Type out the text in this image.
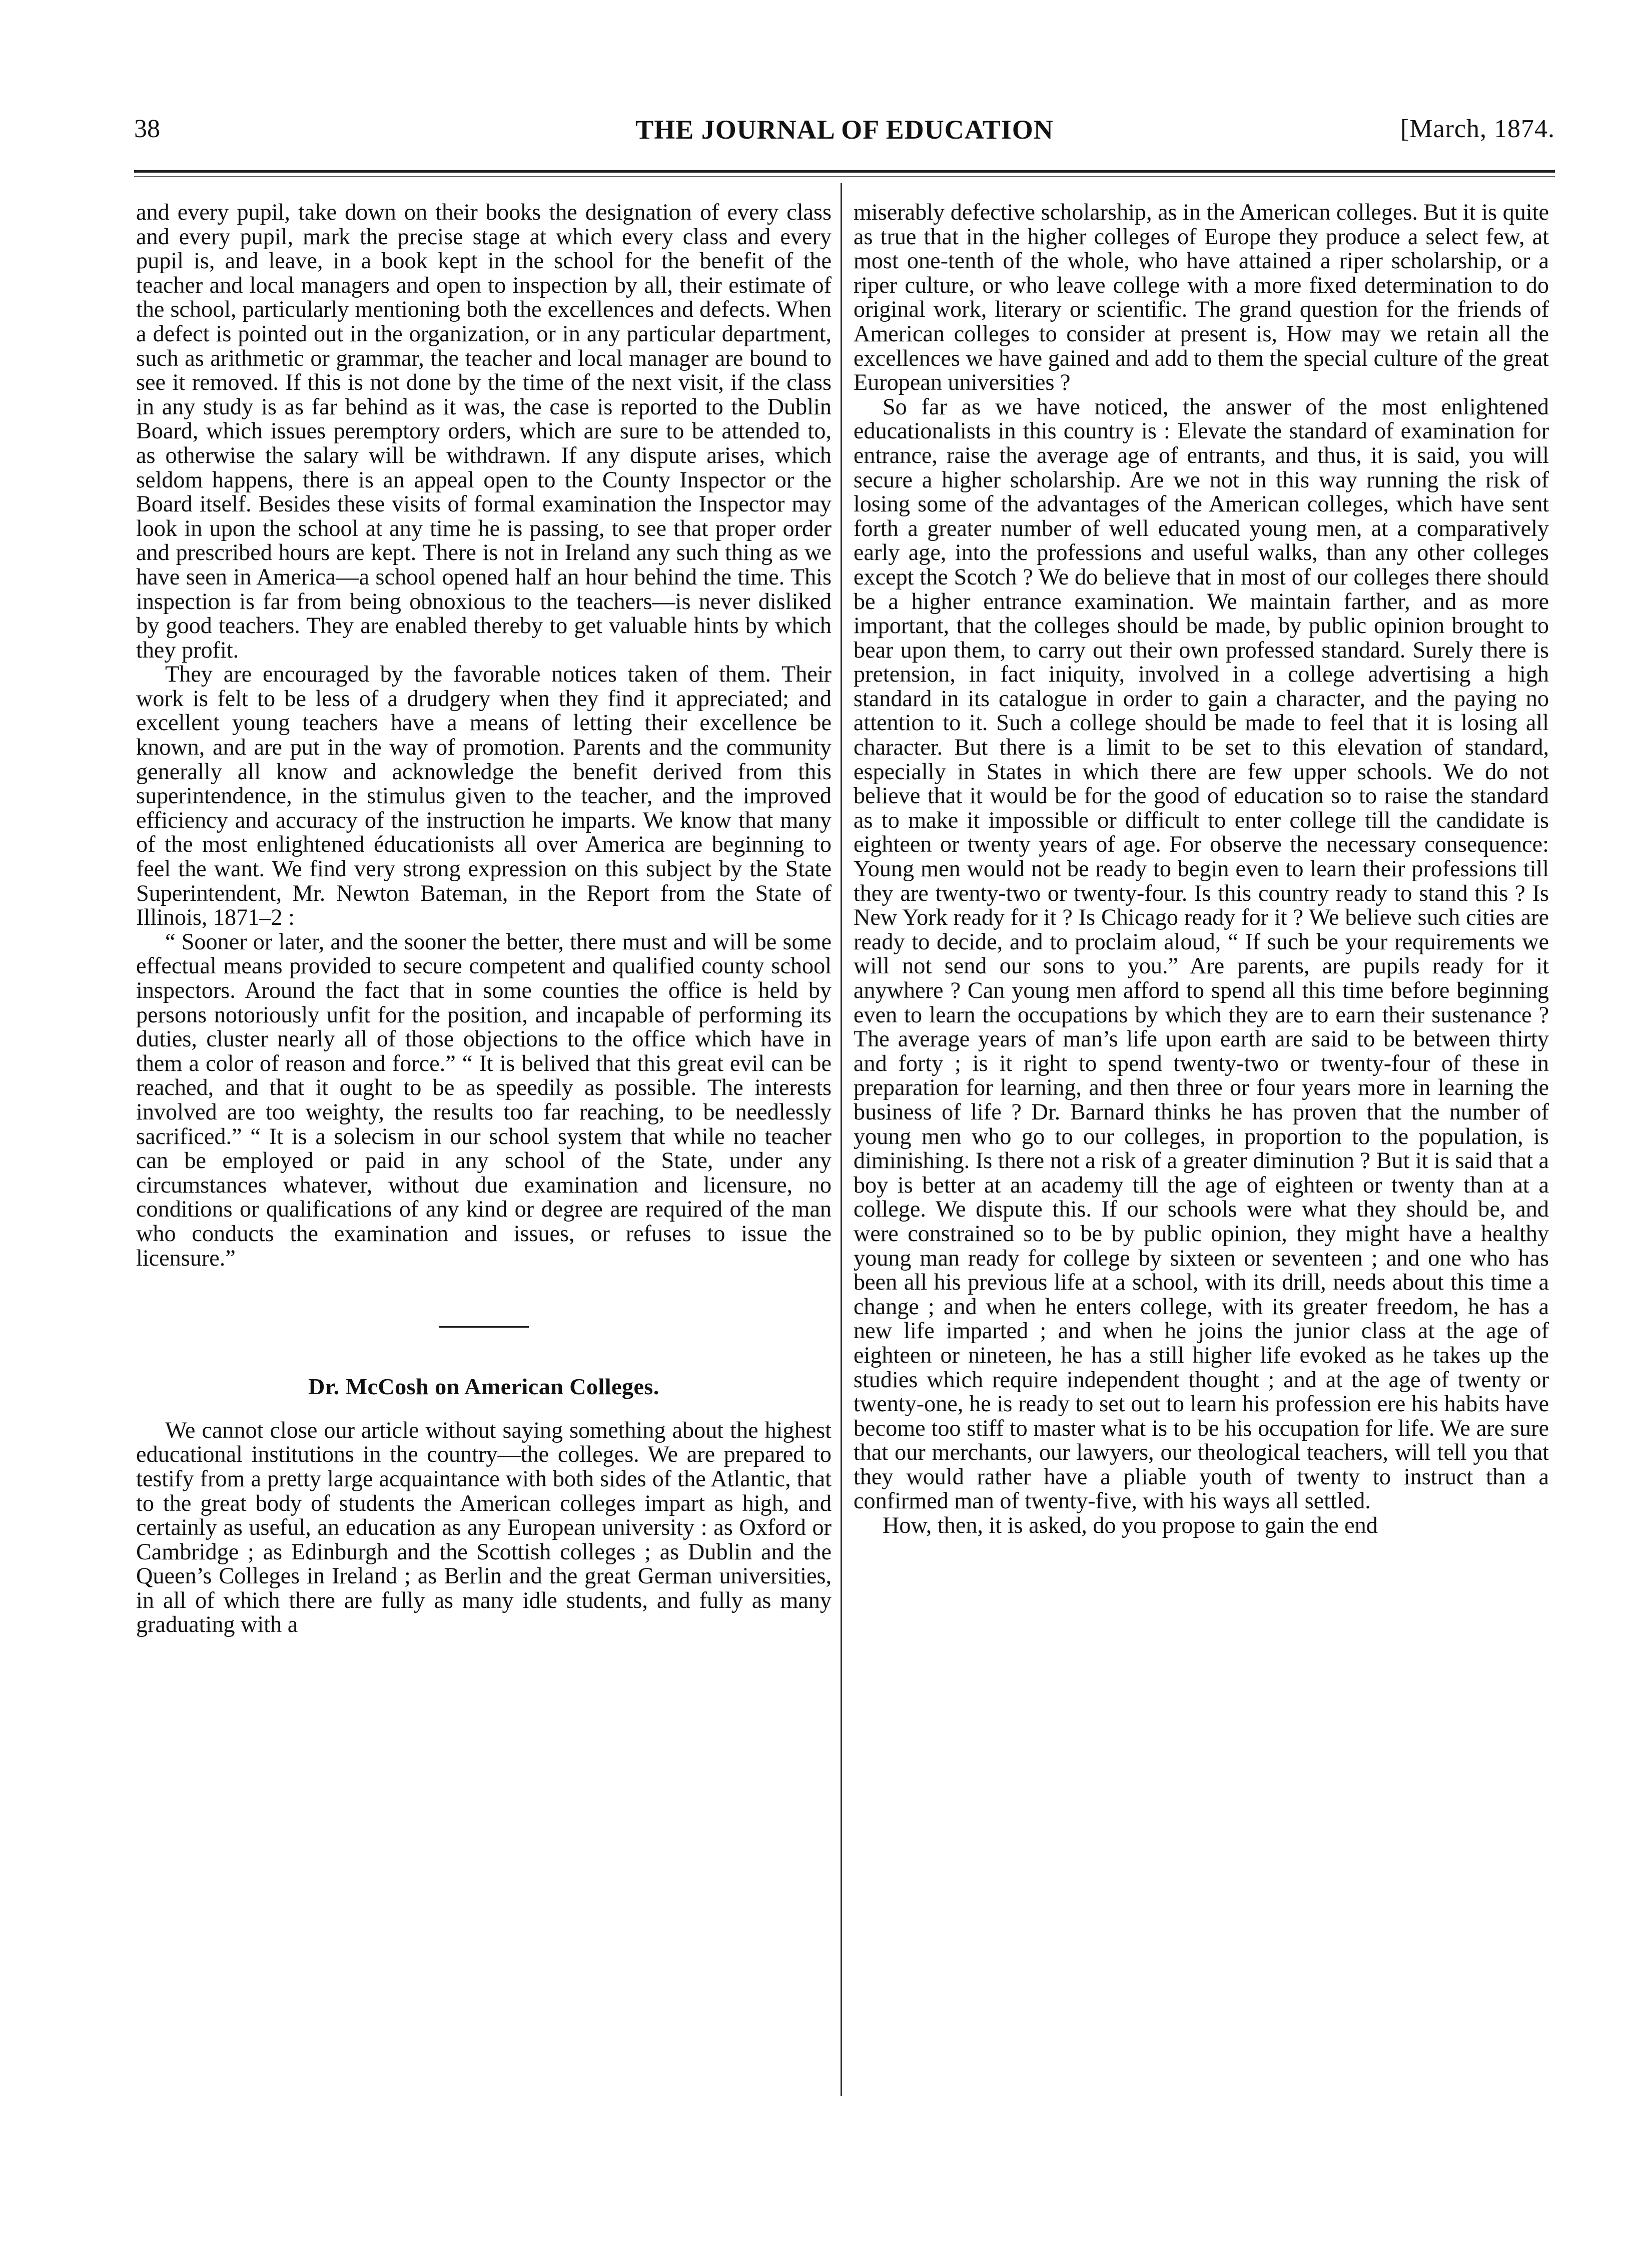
38	THE JOURNAL OF EDUCATION	[March, 1874.

and every pupil, take down on their books the designation of every class and every pupil, mark the precise stage at which every class and every pupil is, and leave, in a book kept in the school for the benefit of the teacher and local managers and open to inspection by all, their estimate of the school, particularly mentioning both the excellences and defects. When a defect is pointed out in the organization, or in any particular department, such as arithmetic or grammar, the teacher and local manager are bound to see it removed. If this is not done by the time of the next visit, if the class in any study is as far behind as it was, the case is reported to the Dublin Board, which issues peremptory orders, which are sure to be attended to, as otherwise the salary will be withdrawn. If any dispute arises, which seldom happens, there is an appeal open to the County Inspector or the Board itself. Besides these visits of formal examination the Inspector may look in upon the school at any time he is passing, to see that proper order and prescribed hours are kept. There is not in Ireland any such thing as we have seen in America—a school opened half an hour behind the time. This inspection is far from being obnoxious to the teachers—is never disliked by good teachers. They are enabled thereby to get valuable hints by which they profit.

They are encouraged by the favorable notices taken of them. Their work is felt to be less of a drudgery when they find it appreciated; and excellent young teachers have a means of letting their excellence be known, and are put in the way of promotion. Parents and the community generally all know and acknowledge the benefit derived from this superintendence, in the stimulus given to the teacher, and the improved efficiency and accuracy of the instruction he imparts. We know that many of the most enlightened éducationists all over America are beginning to feel the want. We find very strong expression on this subject by the State Superintendent, Mr. Newton Bateman, in the Report from the State of Illinois, 1871–2 :

“ Sooner or later, and the sooner the better, there must and will be some effectual means provided to secure competent and qualified county school inspectors. Around the fact that in some counties the office is held by persons notoriously unfit for the position, and incapable of performing its duties, cluster nearly all of those objections to the office which have in them a color of reason and force.” “ It is belived that this great evil can be reached, and that it ought to be as speedily as possible. The interests involved are too weighty, the results too far reaching, to be needlessly sacrificed.” “ It is a solecism in our school system that while no teacher can be employed or paid in any school of the State, under any circumstances whatever, without due examination and licensure, no conditions or qualifications of any kind or degree are required of the man who conducts the examination and issues, or refuses to issue the licensure.”

Dr. McCosh on American Colleges.

We cannot close our article without saying something about the highest educational institutions in the country—the colleges. We are prepared to testify from a pretty large acquaintance with both sides of the Atlantic, that to the great body of students the American colleges impart as high, and certainly as useful, an education as any European university : as Oxford or Cambridge ; as Edinburgh and the Scottish colleges ; as Dublin and the Queen’s Colleges in Ireland ; as Berlin and the great German universities, in all of which there are fully as many idle students, and fully as many graduating with a

miserably defective scholarship, as in the American colleges. But it is quite as true that in the higher colleges of Europe they produce a select few, at most one-tenth of the whole, who have attained a riper scholarship, or a riper culture, or who leave college with a more fixed determination to do original work, literary or scientific. The grand question for the friends of American colleges to consider at present is, How may we retain all the excellences we have gained and add to them the special culture of the great European universities ?

So far as we have noticed, the answer of the most enlightened educationalists in this country is : Elevate the standard of examination for entrance, raise the average age of entrants, and thus, it is said, you will secure a higher scholarship. Are we not in this way running the risk of losing some of the advantages of the American colleges, which have sent forth a greater number of well educated young men, at a comparatively early age, into the professions and useful walks, than any other colleges except the Scotch ? We do believe that in most of our colleges there should be a higher entrance examination. We maintain farther, and as more important, that the colleges should be made, by public opinion brought to bear upon them, to carry out their own professed standard. Surely there is pretension, in fact iniquity, involved in a college advertising a high standard in its catalogue in order to gain a character, and the paying no attention to it. Such a college should be made to feel that it is losing all character. But there is a limit to be set to this elevation of standard, especially in States in which there are few upper schools. We do not believe that it would be for the good of education so to raise the standard as to make it impossible or difficult to enter college till the candidate is eighteen or twenty years of age. For observe the necessary consequence: Young men would not be ready to begin even to learn their professions till they are twenty-two or twenty-four. Is this country ready to stand this ? Is New York ready for it ? Is Chicago ready for it ? We believe such cities are ready to decide, and to proclaim aloud, “ If such be your requirements we will not send our sons to you.” Are parents, are pupils ready for it anywhere ? Can young men afford to spend all this time before beginning even to learn the occupations by which they are to earn their sustenance ? The average years of man’s life upon earth are said to be between thirty and forty ; is it right to spend twenty-two or twenty-four of these in preparation for learning, and then three or four years more in learning the business of life ? Dr. Barnard thinks he has proven that the number of young men who go to our colleges, in proportion to the population, is diminishing. Is there not a risk of a greater diminution ? But it is said that a boy is better at an academy till the age of eighteen or twenty than at a college. We dispute this. If our schools were what they should be, and were constrained so to be by public opinion, they might have a healthy young man ready for college by sixteen or seventeen ; and one who has been all his previous life at a school, with its drill, needs about this time a change ; and when he enters college, with its greater freedom, he has a new life imparted ; and when he joins the junior class at the age of eighteen or nineteen, he has a still higher life evoked as he takes up the studies which require independent thought ; and at the age of twenty or twenty-one, he is ready to set out to learn his profession ere his habits have become too stiff to master what is to be his occupation for life. We are sure that our merchants, our lawyers, our theological teachers, will tell you that they would rather have a pliable youth of twenty to instruct than a confirmed man of twenty-five, with his ways all settled.

How, then, it is asked, do you propose to gain the end
